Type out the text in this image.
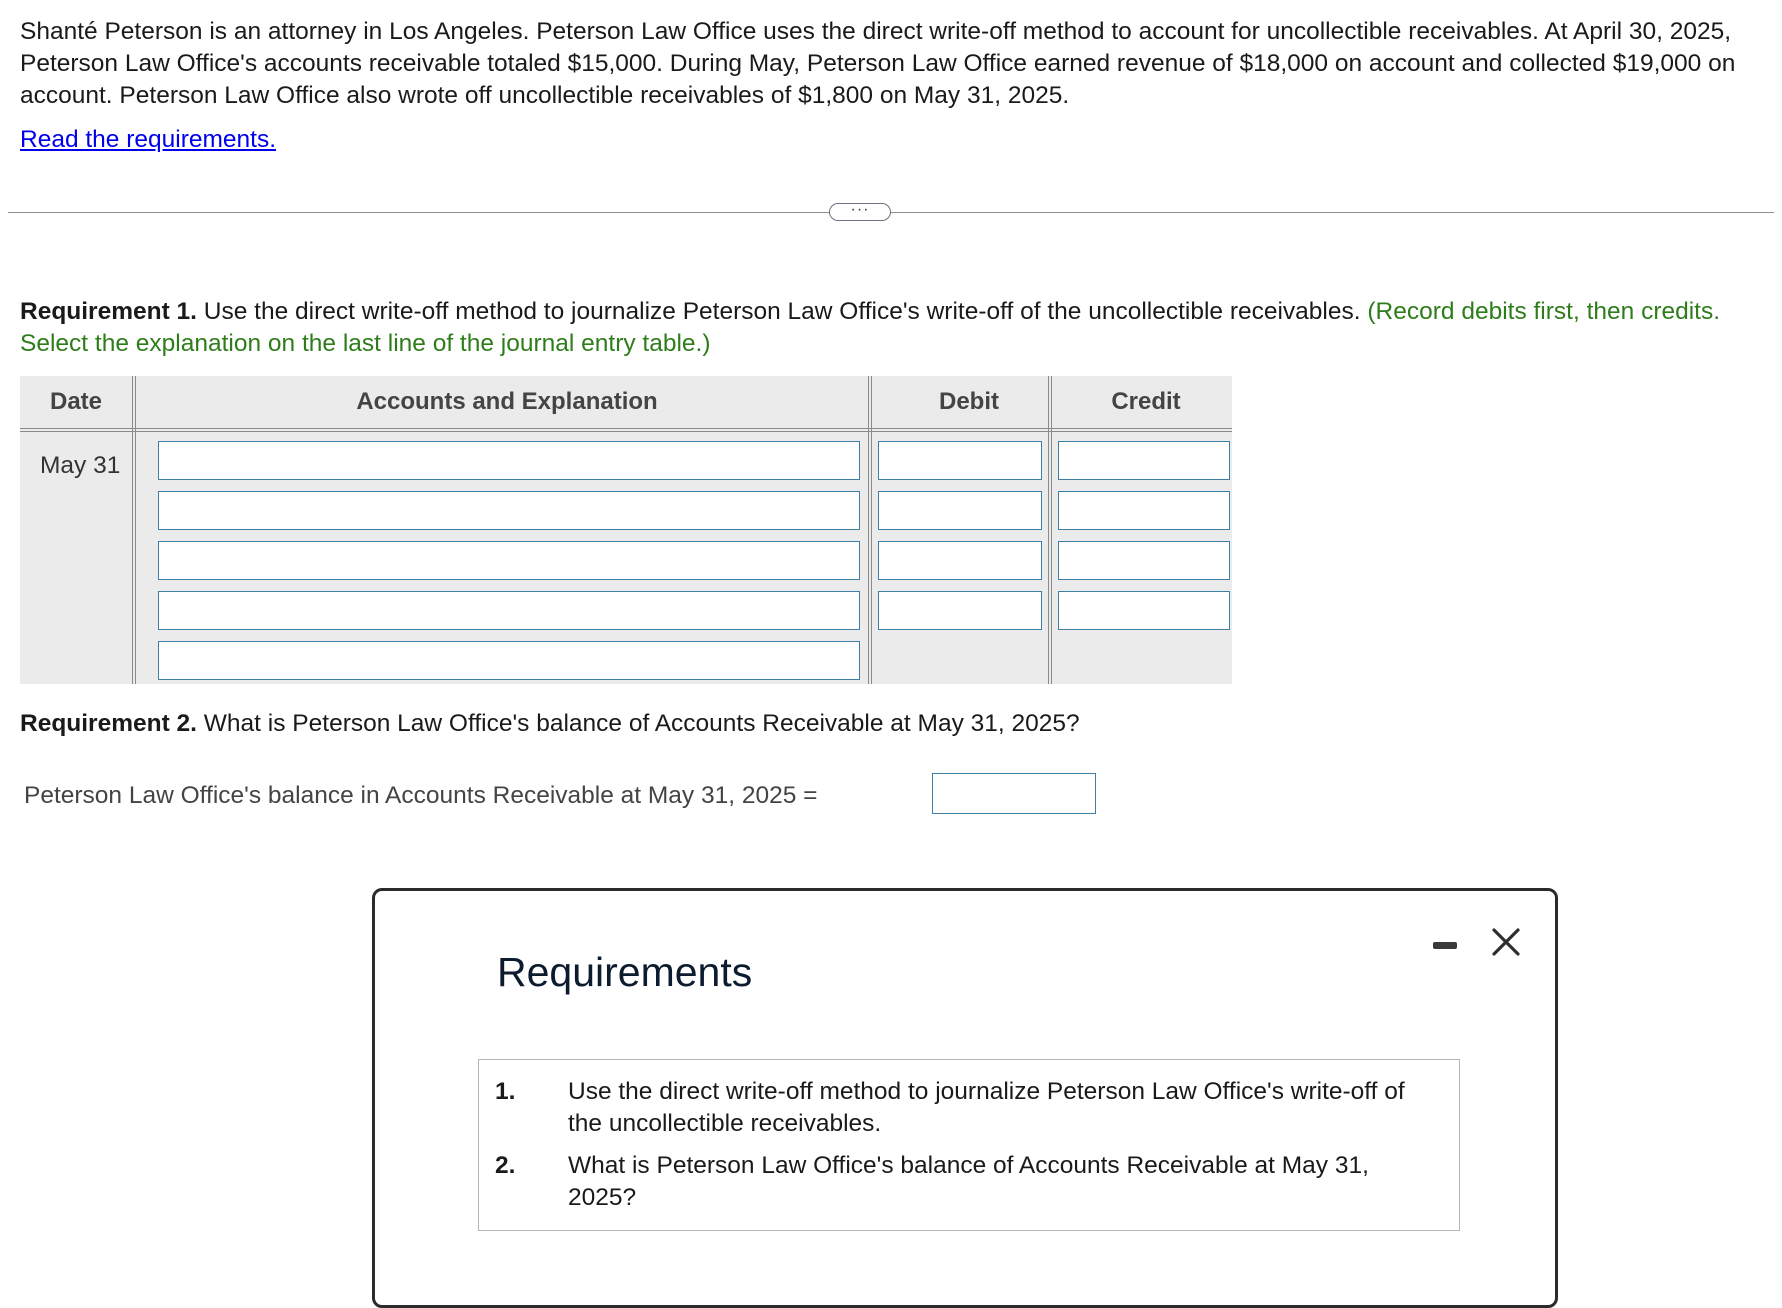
Shanté Peterson is an attorney in Los Angeles. Peterson Law Office uses the direct write-off method to account for uncollectible receivables. At April 30, 2025, Peterson Law Office's accounts receivable totaled $15,000. During May, Peterson Law Office earned revenue of $18,000 on account and collected $19,000 on account. Peterson Law Office also wrote off uncollectible receivables of $1,800 on May 31, 2025.

Read the requirements.
···

Requirement 1. Use the direct write-off method to journalize Peterson Law Office's write-off of the uncollectible receivables. (Record debits first, then credits. Select the explanation on the last line of the journal entry table.)

Date	Accounts and Explanation	Debit	Credit
May 31

Requirement 2. What is Peterson Law Office's balance of Accounts Receivable at May 31, 2025?

Peterson Law Office's balance in Accounts Receivable at May 31, 2025 =
Requirements
1. Use the direct write-off method to journalize Peterson Law Office's write-off of the uncollectible receivables.
2. What is Peterson Law Office's balance of Accounts Receivable at May 31, 2025?
